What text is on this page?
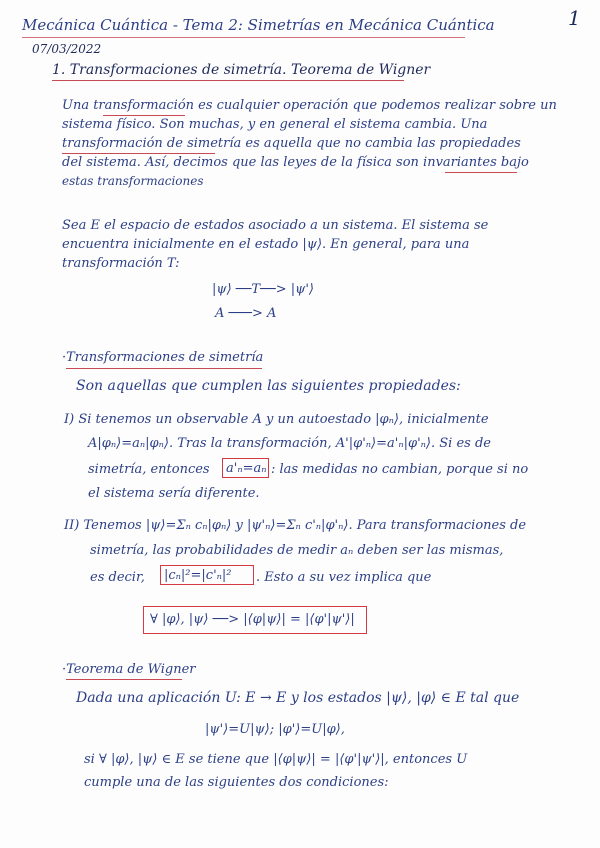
Mecánica Cuántica - Tema 2: Simetrías en Mecánica Cuántica	1
07/03/2022
1. Transformaciones de simetría. Teorema de Wigner
Una transformación es cualquier operación que podemos realizar sobre un
sistema físico. Son muchas, y en general el sistema cambia. Una
transformación de simetría es aquella que no cambia las propiedades
del sistema. Así, decimos que las leyes de la física son invariantes bajo
estas transformaciones
Sea E el espacio de estados asociado a un sistema. El sistema se
encuentra inicialmente en el estado |ψ⟩. En general, para una
transformación T:
|ψ⟩ ──T──> |ψ'⟩
A ───> A
·Transformaciones de simetría
Son aquellas que cumplen las siguientes propiedades:
I) Si tenemos un observable A y un autoestado |φₙ⟩, inicialmente
A|φₙ⟩=aₙ|φₙ⟩. Tras la transformación, A'|φ'ₙ⟩=a'ₙ|φ'ₙ⟩. Si es de
simetría, entonces a'ₙ=aₙ : las medidas no cambian, porque si no
el sistema sería diferente.
II) Tenemos |ψ⟩=Σₙ cₙ|φₙ⟩ y |ψ'ₙ⟩=Σₙ c'ₙ|φ'ₙ⟩. Para transformaciones de
simetría, las probabilidades de medir aₙ deben ser las mismas,
es decir, |cₙ|²=|c'ₙ|² . Esto a su vez implica que
∀ |φ⟩, |ψ⟩ ──> |⟨φ|ψ⟩| = |⟨φ'|ψ'⟩|
·Teorema de Wigner
Dada una aplicación U: E → E y los estados |ψ⟩, |φ⟩ ∈ E tal que
|ψ'⟩=U|ψ⟩; |φ'⟩=U|φ⟩,
si ∀ |φ⟩, |ψ⟩ ∈ E se tiene que |⟨φ|ψ⟩| = |⟨φ'|ψ'⟩|, entonces U
cumple una de las siguientes dos condiciones:
